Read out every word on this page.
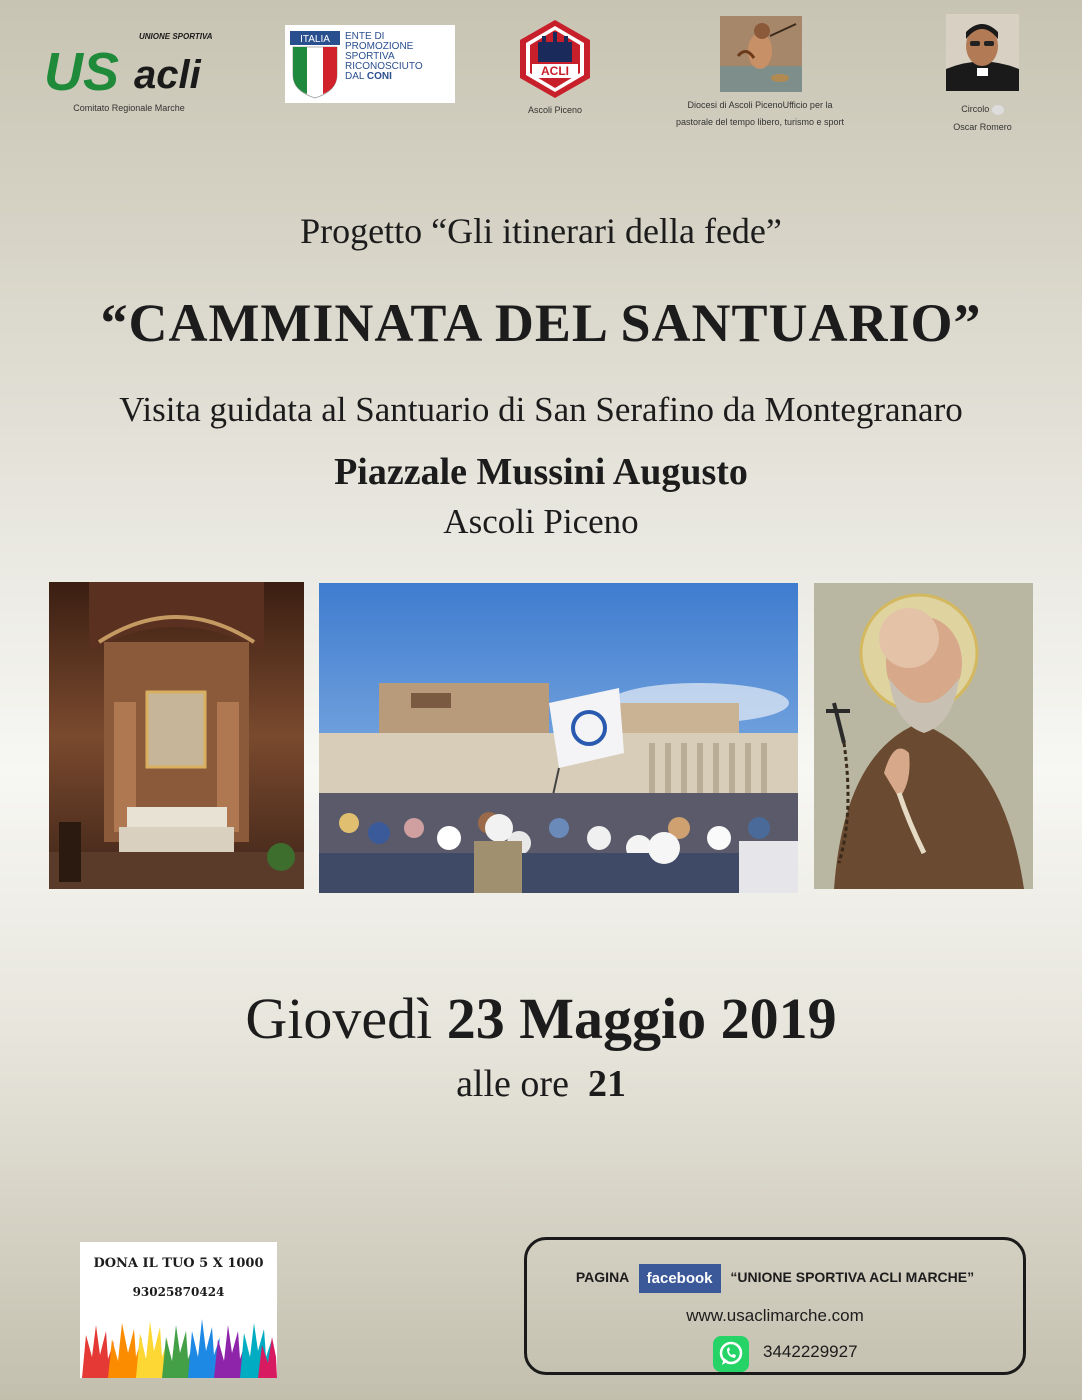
UNIONE SPORTIVA
US acli
Comitato Regionale Marche
ITALIA ENTE DI PROMOZIONE
SPORTIVA
RICONOSCIUTO
DAL CONI	ACLI
Ascoli Piceno	Diocesi di Ascoli PicenoUfficio per la
pastorale del tempo libero, turismo e sport
Circolo
Oscar Romero

Progetto “Gli itinerari della fede”

“CAMMINATA DEL SANTUARIO”

Visita guidata al Santuario di San Serafino da Montegranaro

Piazzale Mussini Augusto

Ascoli Piceno

Giovedì 23 Maggio 2019
alle ore 21
DONA IL TUO 5 X 1000
93025870424
PAGINA facebook “UNIONE SPORTIVA ACLI MARCHE”
www.usaclimarche.com
3442229927
